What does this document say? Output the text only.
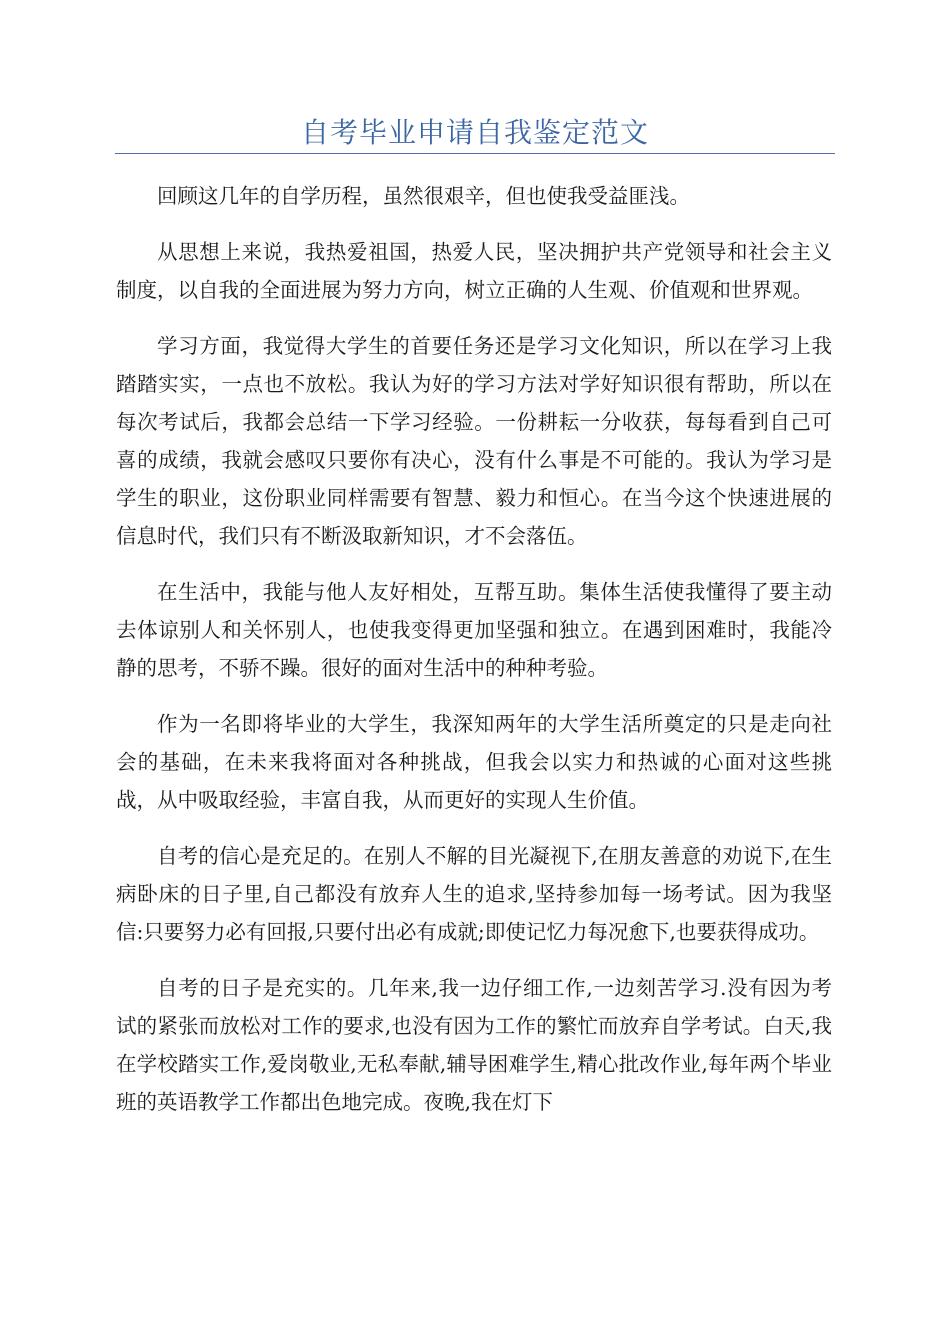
自考毕业申请自我鉴定范文

回顾这几年的自学历程，虽然很艰辛，但也使我受益匪浅。

从思想上来说，我热爱祖国，热爱人民，坚决拥护共产党领导和社会主义制度，以自我的全面进展为努力方向，树立正确的人生观、价值观和世界观。

学习方面，我觉得大学生的首要任务还是学习文化知识，所以在学习上我踏踏实实，一点也不放松。我认为好的学习方法对学好知识很有帮助，所以在每次考试后，我都会总结一下学习经验。一份耕耘一分收获，每每看到自己可喜的成绩，我就会感叹只要你有决心，没有什么事是不可能的。我认为学习是学生的职业，这份职业同样需要有智慧、毅力和恒心。在当今这个快速进展的信息时代，我们只有不断汲取新知识，才不会落伍。

在生活中，我能与他人友好相处，互帮互助。集体生活使我懂得了要主动去体谅别人和关怀别人，也使我变得更加坚强和独立。在遇到困难时，我能冷静的思考，不骄不躁。很好的面对生活中的种种考验。

作为一名即将毕业的大学生，我深知两年的大学生活所奠定的只是走向社会的基础，在未来我将面对各种挑战，但我会以实力和热诚的心面对这些挑战，从中吸取经验，丰富自我，从而更好的实现人生价值。

自考的信心是充足的。在别人不解的目光凝视下,在朋友善意的劝说下,在生病卧床的日子里,自己都没有放弃人生的追求,坚持参加每一场考试。因为我坚信:只要努力必有回报,只要付出必有成就;即使记忆力每况愈下,也要获得成功。

自考的日子是充实的。几年来,我一边仔细工作,一边刻苦学习.没有因为考试的紧张而放松对工作的要求,也没有因为工作的繁忙而放弃自学考试。白天,我在学校踏实工作,爱岗敬业,无私奉献,辅导困难学生,精心批改作业,每年两个毕业班的英语教学工作都出色地完成。夜晚,我在灯下
